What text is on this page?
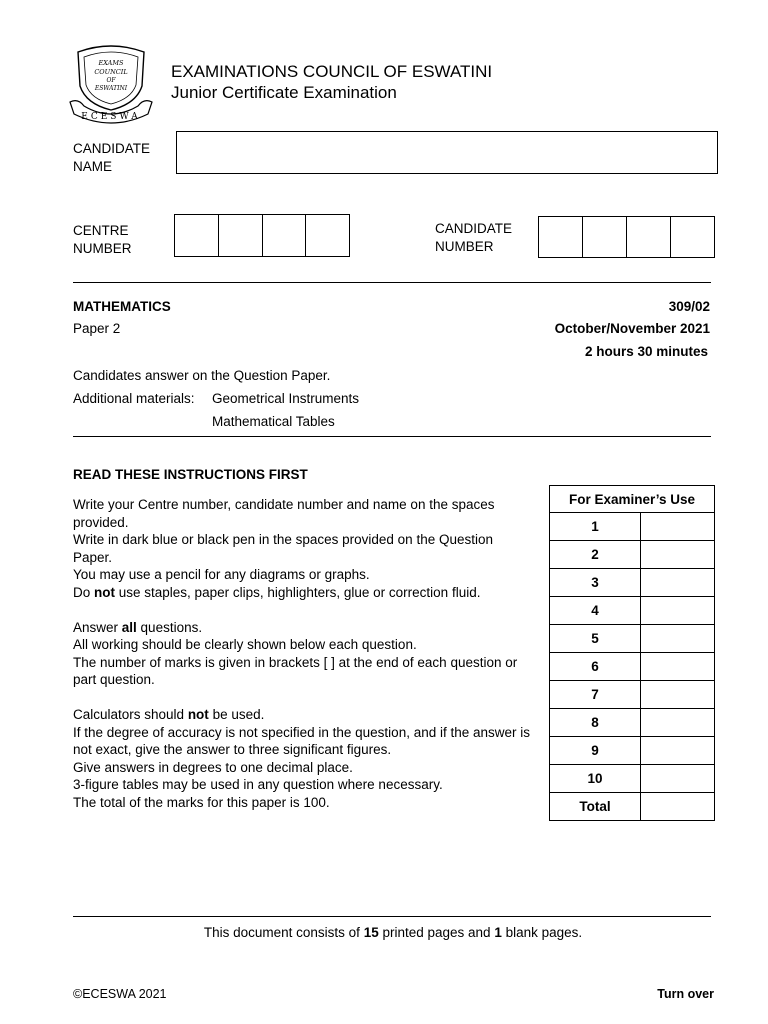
EXAMS
COUNCIL
OF
ESWATINI
ECESWA
EXAMINATIONS COUNCIL OF ESWATINI
Junior Certificate Examination
CANDIDATE
NAME
CENTRE
NUMBER
CANDIDATE
NUMBER
MATHEMATICS	309/02
Paper 2	October/November 2021
2 hours 30 minutes
Candidates answer on the Question Paper.
Additional materials: Geometrical Instruments
Mathematical Tables
READ THESE INSTRUCTIONS FIRST

Write your Centre number, candidate number and name on the spaces provided.

Write in dark blue or black pen in the spaces provided on the Question Paper.

You may use a pencil for any diagrams or graphs.

Do not use staples, paper clips, highlighters, glue or correction fluid.

Answer all questions.

All working should be clearly shown below each question.

The number of marks is given in brackets [ ] at the end of each question or part question.

Calculators should not be used.

If the degree of accuracy is not specified in the question, and if the answer is not exact, give the answer to three significant figures.

Give answers in degrees to one decimal place.

3-figure tables may be used in any question where necessary.

The total of the marks for this paper is 100.

For Examiner’s Use	
1	
2	
3	
4	
5	
6	
7	
8	
9	
10	
Total	
This document consists of 15 printed pages and 1 blank pages.
©ECESWA 2021	Turn over
